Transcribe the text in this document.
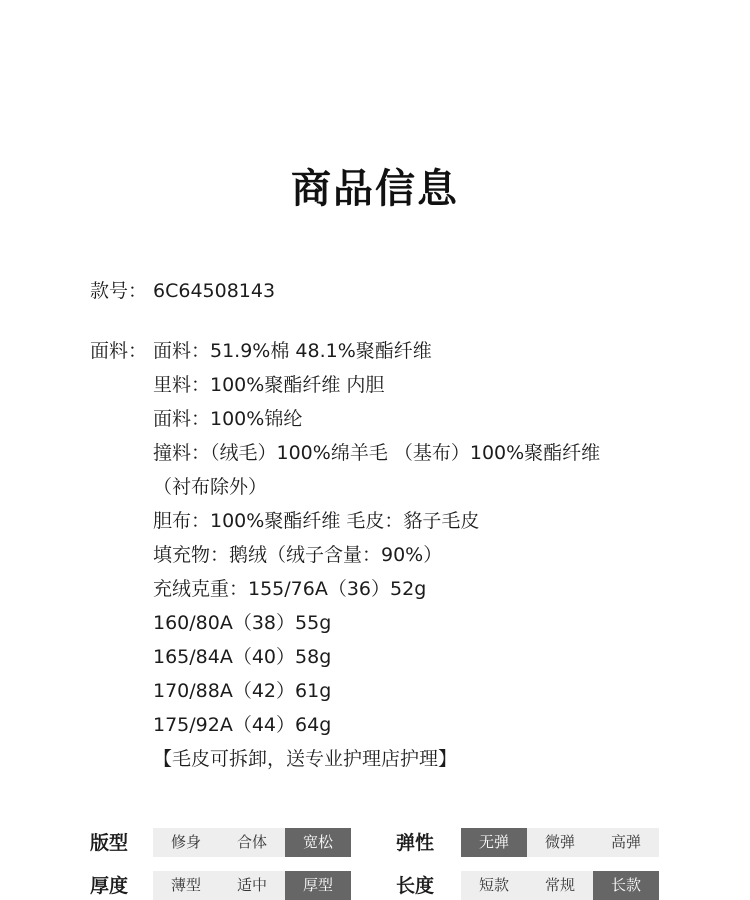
商品信息
款号： 6C64508143
面料： 面料：51.9%棉 48.1%聚酯纤维
里料：100%聚酯纤维 内胆
面料：100%锦纶
撞料：（绒毛）100%绵羊毛 （基布）100%聚酯纤维
（衬布除外）
胆布：100%聚酯纤维 毛皮：貉子毛皮
填充物：鹅绒（绒子含量：90%）
充绒克重：155/76A（36）52g
160/80A（38）55g
165/84A（40）58g
170/88A（42）61g
175/92A（44）64g
【毛皮可拆卸，送专业护理店护理】
版型	修身	合体	宽松	弹性	无弹	微弹	高弹
厚度	薄型	适中	厚型	长度	短款	常规	长款
